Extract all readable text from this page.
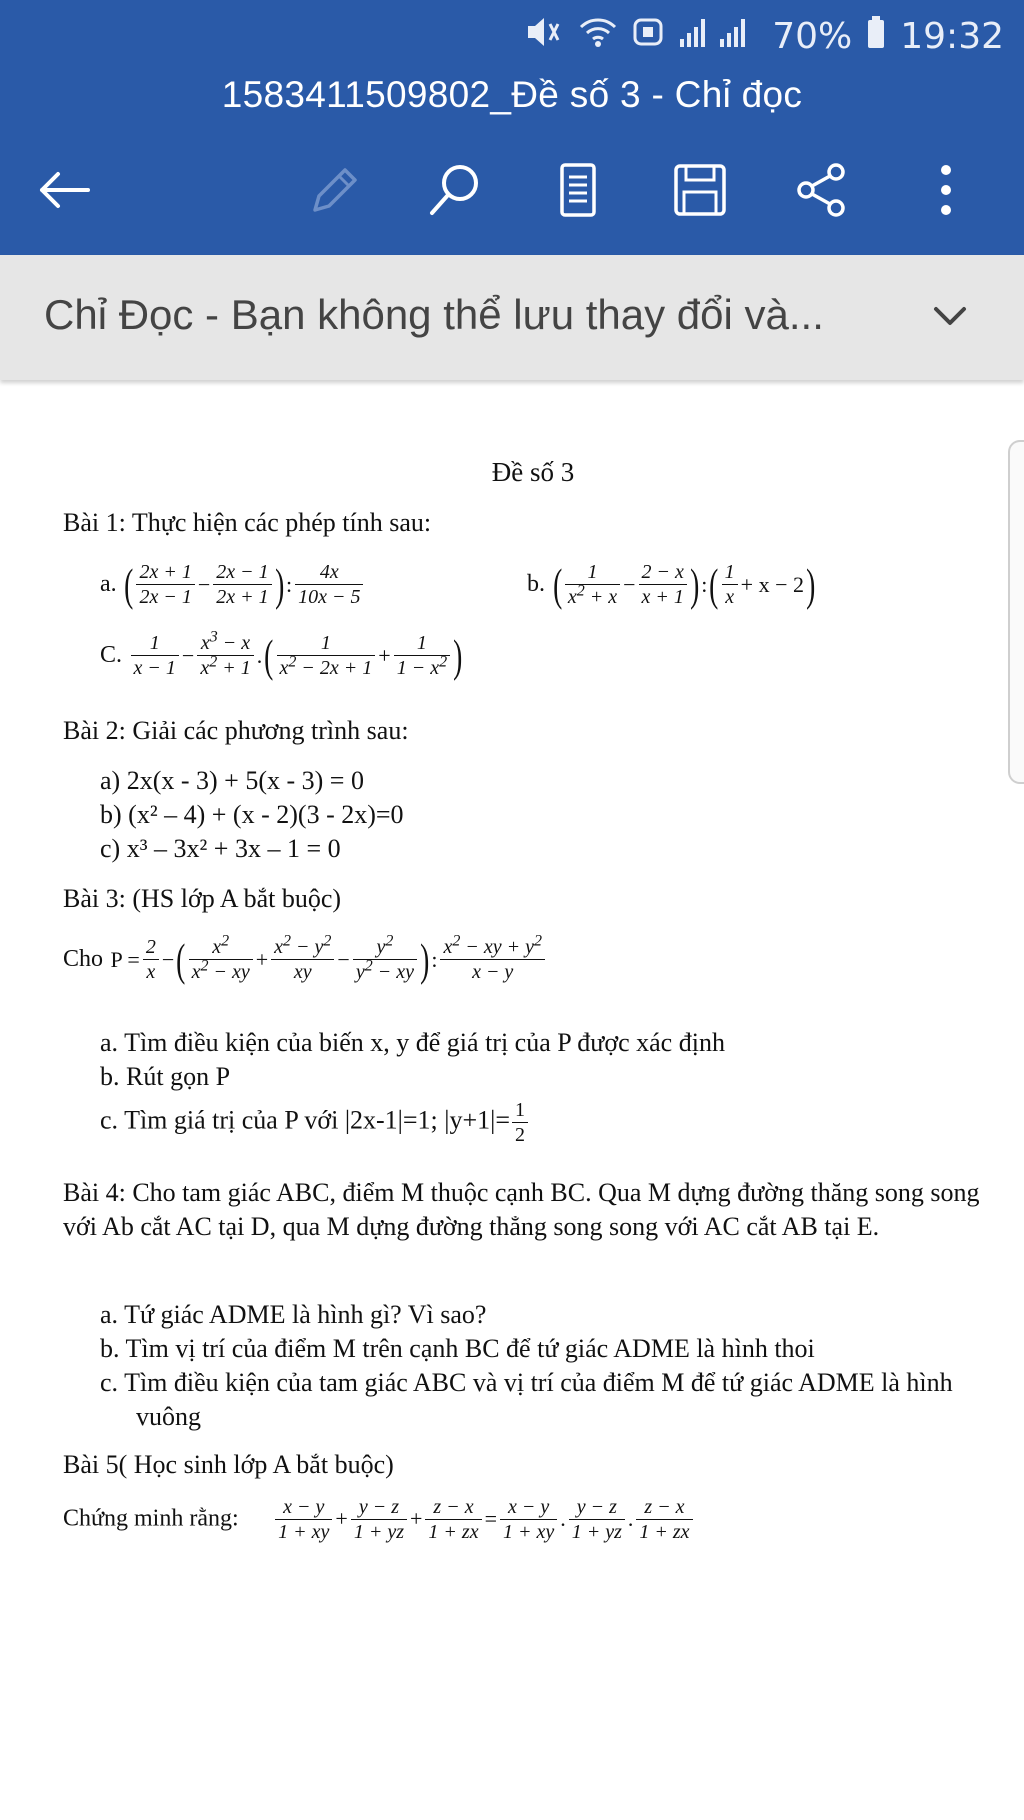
70% 19:32
1583411509802_Đề số 3 - Chỉ đọc
Chỉ Đọc - Bạn không thể lưu thay đổi và...
Đề số 3
Bài 1: Thực hiện các phép tính sau:
a. ( $\frac{2x + 1}{2x - 1} - \frac{2x - 1}{2x + 1}$ ): $\frac{4x}{10x - 5}$	b. ( $\frac{1}{x^2 + x} - \frac{2 - x}{x + 1}$ ):( $\frac{1}{x} + x - 2$)
C. $\frac{1}{x - 1} - \frac{x^3 - x}{x^2 + 1}$ .( $\frac{1}{x^2 - 2x + 1} + \frac{1}{1 - x^2}$ )
Bài 2: Giải các phương trình sau:
a) 2x(x - 3) + 5(x - 3) = 0
b) (x² – 4) + (x - 2)(3 - 2x)=0
c) x³ – 3x² + 3x – 1 = 0
Bài 3: (HS lớp A bắt buộc)
Cho $P = \frac{2}{x}$ −( $\frac{x^2}{x^2 - xy} + \frac{x^2 - y^2}{xy} - \frac{y^2}{y^2 - xy}$ ): $\frac{x^2 - xy + y^2}{x - y}$
a. Tìm điều kiện của biến x, y để giá trị của P được xác định
b. Rút gọn P
c. Tìm giá trị của P với |2x-1|=1; $|y+1|= \frac{1}{2}$
Bài 4: Cho tam giác ABC, điểm M thuộc cạnh BC. Qua M dựng đường thăng song song với Ab cắt AC tại D, qua M dựng đường thẳng song song với AC cắt AB tại E.
a. Tứ giác ADME là hình gì? Vì sao?
b. Tìm vị trí của điểm M trên cạnh BC để tứ giác ADME là hình thoi
c. Tìm điều kiện của tam giác ABC và vị trí của điểm M để tứ giác ADME là hình vuông
Bài 5( Học sinh lớp A bắt buộc)
Chứng minh rằng: $\frac{x - y}{1 + xy} + \frac{y - z}{1 + yz} + \frac{z - x}{1 + zx} = \frac{x - y}{1 + xy}$ . $\frac{y - z}{1 + yz}$ . $\frac{z - x}{1 + zx}$
